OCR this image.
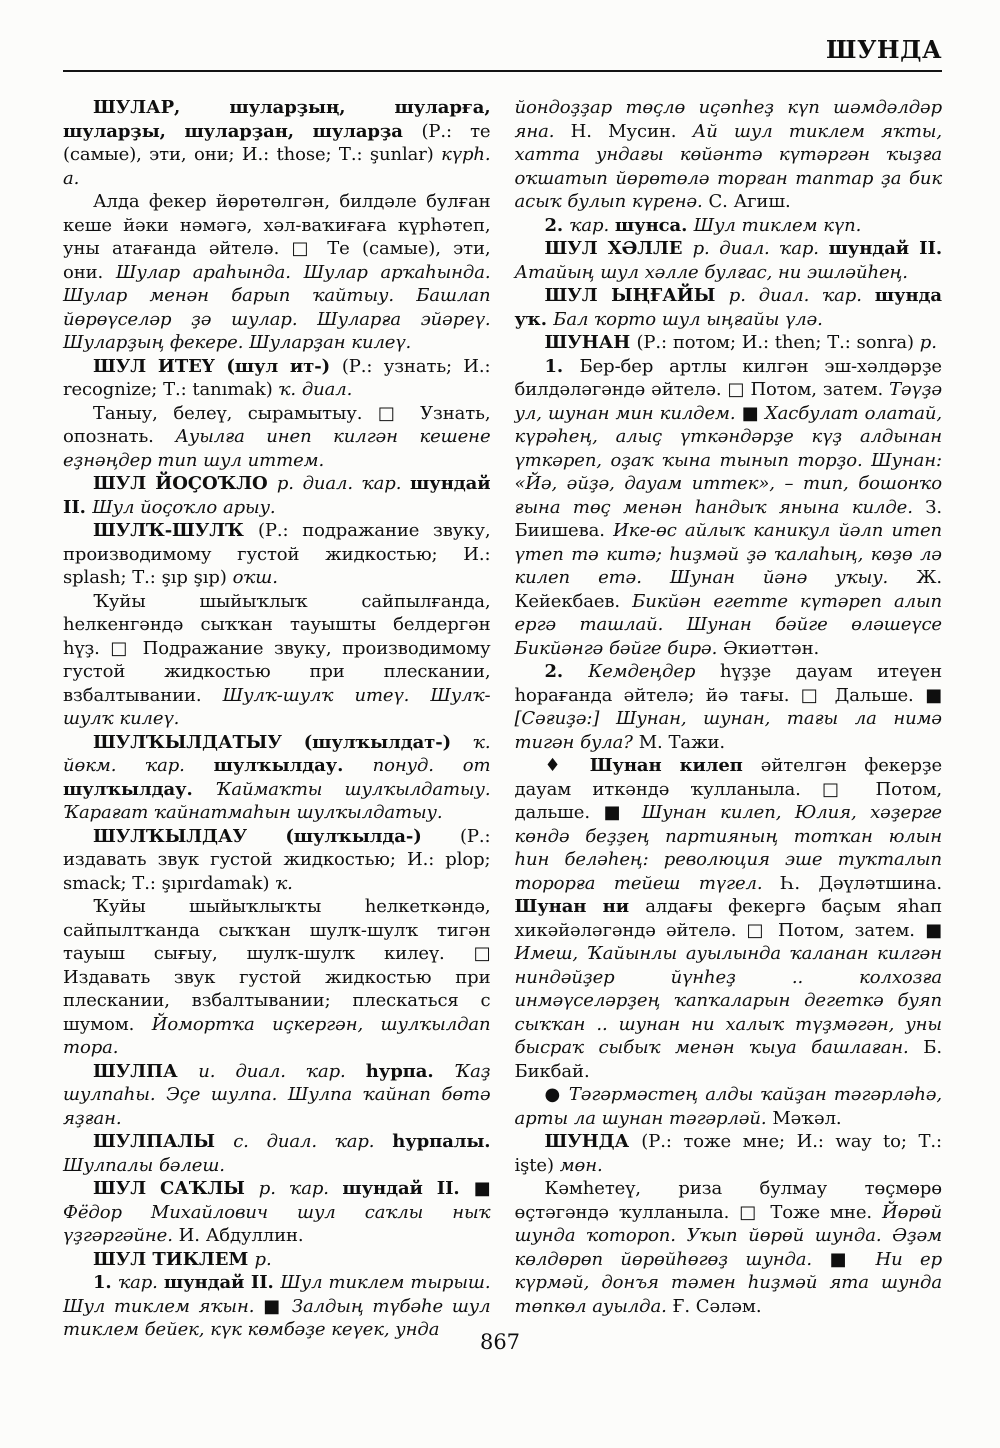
ШУНДА

ШУЛАР, шуларҙың, шуларға, шуларҙы, шуларҙан, шуларҙа (Р.: те (самые), эти, они; И.: those; Т.: şunlar) күрһ. а.

Алда фекер йөрөтөлгән, билдәле булған кеше йәки нәмәгә, хәл-ваҡиғаға күрһәтеп, уны атағанда әйтелә. □ Те (самые), эти, они. Шулар араһында. Шулар арҡаһында. Шулар менән барып ҡайтыу. Башлап йөрөүселәр ҙә шулар. Шуларға эйәреү. Шуларҙың фекере. Шуларҙан килеү.

ШУЛ ИТЕҮ (шул ит-) (Р.: узнать; И.: recognize; Т.: tanımak) ҡ. диал.

Таныу, белеү, сырамытыу. □ Узнать, опознать. Ауылға инеп килгән кешене еҙнәңдер тип шул иттем.

ШУЛ ЙОҪОҠЛО р. диал. ҡар. шундай II. Шул йоҫоҡло арыу.

ШУЛҠ-ШУЛҠ (Р.: подражание звуку, производимому густой жидкостью; И.: splash; Т.: şıp şıp) оҡш.

Ҡуйы шыйыҡлыҡ сайпылғанда, һелкенгәндә сыҡҡан тауышты белдергән һүҙ. □ Подражание звуку, производимому густой жидкостью при плескании, взбалтывании. Шулҡ-шулҡ итеү. Шулҡ-шулҡ килеү.

ШУЛҠЫЛДАТЫУ (шулҡылдат-) ҡ. йөкм. ҡар. шулҡылдау. понуд. от шулҡылдау. Ҡаймаҡты шулҡылдатыу. Ҡарағат ҡайнатмаһын шулҡылдатыу.

ШУЛҠЫЛДАУ (шулҡылда-) (Р.: издавать звук густой жидкостью; И.: plop; smack; Т.: şıpırdamak) ҡ.

Ҡуйы шыйыҡлыҡты һелкеткәндә, сайпылтҡанда сыҡҡан шулҡ-шулҡ тигән тауыш сығыу, шулҡ-шулҡ килеү. □ Издавать звук густой жидкостью при плескании, взбалтывании; плескаться с шумом. Йомортҡа иҫкергән, шулҡылдап тора.

ШУЛПА и. диал. ҡар. һурпа. Ҡаҙ шулпаһы. Эҫе шулпа. Шулпа ҡайнап бөтә яҙған.

ШУЛПАЛЫ с. диал. ҡар. һурпалы. Шулпалы бәлеш.

ШУЛ САҠЛЫ р. ҡар. шундай II. ■ Фёдор Михайлович шул саҡлы ныҡ үҙгәргәйне. И. Абдуллин.

ШУЛ ТИКЛЕМ р.

1. ҡар. шундай II. Шул тиклем тырыш. Шул тиклем яҡын. ■ Залдың түбәһе шул тиклем бейек, күк көмбәҙе кеүек, унда

йондоҙҙар төҫлө иҫәпһеҙ күп шәмдәлдәр яна. Н. Мусин. Ай шул тиклем яҡты, хатта ундағы көйәнтә күтәргән ҡыҙға оҡшатып йөрөтөлә торған таптар ҙа бик асыҡ булып күренә. С. Агиш.

2. ҡар. шунса. Шул тиклем күп.

ШУЛ ХӘЛЛЕ р. диал. ҡар. шундай II. Атайың шул хәлле булғас, ни эшләйһең.

ШУЛ ЫҢҒАЙЫ р. диал. ҡар. шунда уҡ. Бал ҡорто шул ыңғайы үлә.

ШУНАН (Р.: потом; И.: then; Т.: sonra) р.

1. Бер-бер артлы килгән эш-хәлдәрҙе билдәләгәндә әйтелә. □ Потом, затем. Тәүҙә ул, шунан мин килдем. ■ Хасбулат олатай, күрәһең, алыҫ үткәндәрҙе күҙ алдынан үткәреп, оҙаҡ ҡына тынып торҙо. Шунан: «Йә, әйҙә, дауам иттек», – тип, бошонҡо ғына төҫ менән һандыҡ янына килде. З. Биишева. Ике-өс айлыҡ каникул йәлп итеп үтеп тә китә; һиҙмәй ҙә ҡалаһың, көҙө лә килеп етә. Шунан йәнә уҡыу. Ж. Кейекбаев. Бикйән егетте күтәреп алып ергә ташлай. Шунан бәйге өләшеүсе Бикйәнгә бәйге бирә. Әкиәттән.

2. Кемдеңдер һүҙҙе дауам итеүен һорағанда әйтелә; йә тағы. □ Дальше. ■ [Сәғиҙә:] Шунан, шунан, тағы ла нимә тигән була? М. Тажи.

♦ Шунан килеп әйтелгән фекерҙе дауам иткәндә ҡулланыла. □ Потом, дальше. ■ Шунан килеп, Юлия, хәҙерге көндә беҙҙең партияның тотҡан юлын һин беләһең: революция эше туҡталып торорға тейеш түгел. Һ. Дәүләтшина. Шунан ни алдағы фекергә баҫым яһап хикәйәләгәндә әйтелә. □ Потом, затем. ■ Имеш, Ҡайынлы ауылында ҡаланан килгән ниндәйҙер йүнһеҙ .. колхозға инмәүселәрҙең ҡапҡаларын дегеткә буяп сыҡҡан .. шунан ни халыҡ түҙмәгән, уны бысраҡ сыбыҡ менән ҡыуа башлаған. Б. Бикбай.

● Тәгәрмәстең алды ҡайҙан тәгәрләһә, арты ла шунан тәгәрләй. Мәҡәл.

ШУНДА (Р.: тоже мне; И.: way to; Т.: işte) мөн.

Кәмһетеү, риза булмау төҫмөрө өҫтәгәндә ҡулланыла. □ Тоже мне. Йөрөй шунда ҡотороп. Уҡып йөрөй шунда. Әҙәм көлдөрөп йөрөйһөгөҙ шунда. ■ Ни ер күрмәй, донъя тәмен һиҙмәй ята шунда төпкөл ауылда. Ғ. Сәләм.

867
